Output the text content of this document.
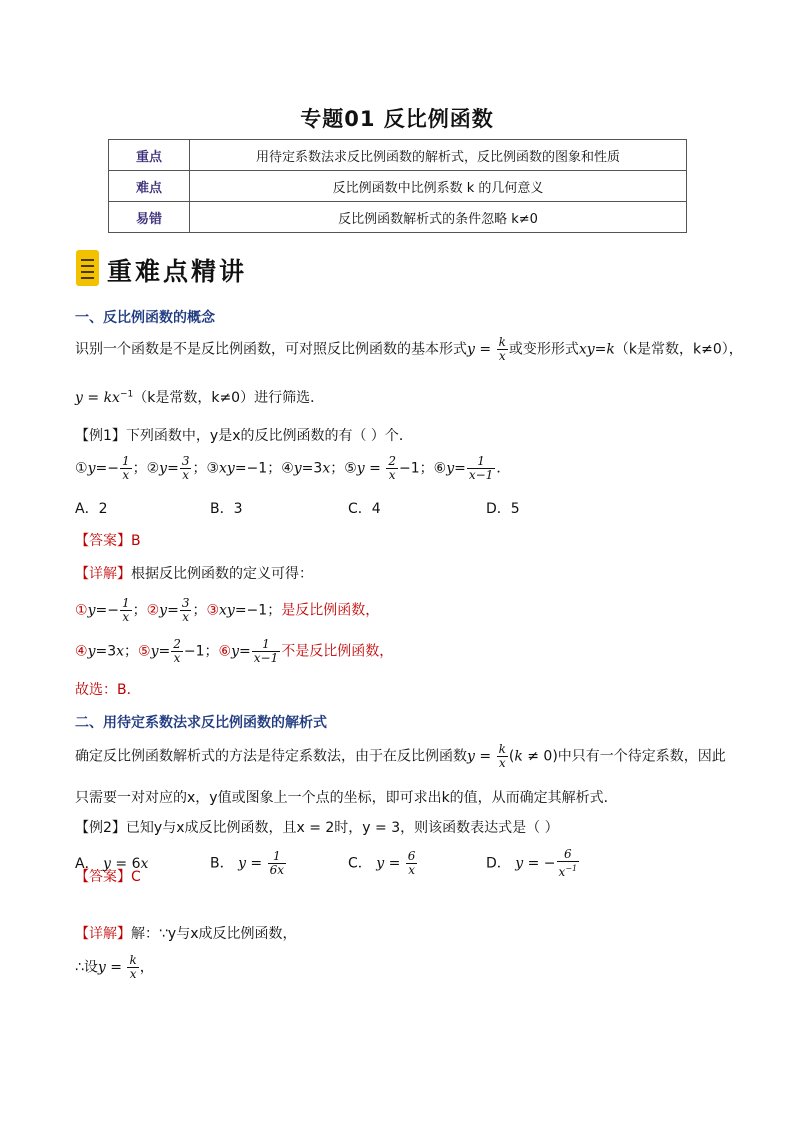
专题01 反比例函数
重点	用待定系数法求反比例函数的解析式，反比例函数的图象和性质
难点	反比例函数中比例系数 k 的几何意义
易错	反比例函数解析式的条件忽略 k≠0
重难点精讲
一、反比例函数的概念
识别一个函数是不是反比例函数，可对照反比例函数的基本形式$y = \frac{k}{x}$ 或变形形式xy=k（k是常数，k≠0），
$y = kx^{-1}(k$是常数，k≠0）进行筛选．
【例1】下列函数中，y是x的反比例函数的有（ ）个．
①y=− $\frac{1}{x}$ ；②y= $\frac{3}{x}$ ；③xy=−1；④y=3x；⑤y = $\frac{2}{x} -1$；⑥y= $\frac{1}{x-1}$ ．
A．2	B．3	C．4	D．5
【答案】B
【详解】根据反比例函数的定义可得：
①y=− $\frac{1}{x}$ ；②y= $\frac{3}{x}$ ；③xy=−1；是反比例函数，
④y=3x；⑤y= $\frac{2}{x} -1$；⑥y= $\frac{1}{x-1}$ 不是反比例函数，
故选：B．
二、用待定系数法求反比例函数的解析式
确定反比例函数解析式的方法是待定系数法，由于在反比例函数$y = \frac{k}{x} (k \ne 0)$中只有一个待定系数，因此
只需要一对对应的x，y值或图象上一个点的坐标，即可求出k的值，从而确定其解析式．
【例2】已知y与x成反比例函数，且x = 2时，y = 3，则该函数表达式是（ ）
A． y = 6x	B． $y = \frac{1}{6x}$	C． $y = \frac{6}{x}$	D． y = − $\frac{6}{x^{-1}}$
【答案】C
【详解】解：∵y与x成反比例函数，
∴设$y = \frac{k}{x}$ ，
